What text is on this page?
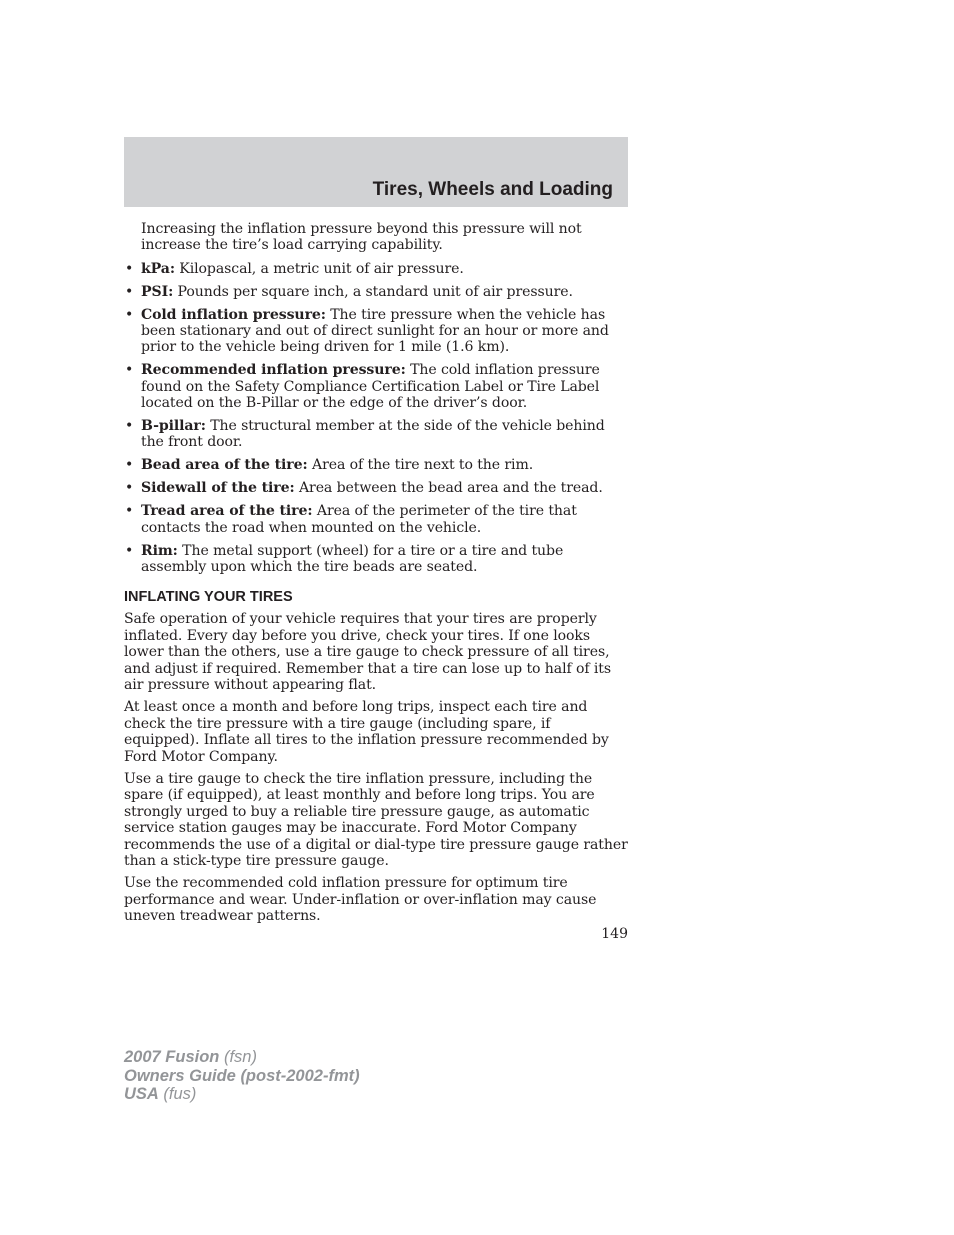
Tires, Wheels and Loading

Increasing the inflation pressure beyond this pressure will not increase the tire’s load carrying capability.

• kPa: Kilopascal, a metric unit of air pressure.
• PSI: Pounds per square inch, a standard unit of air pressure.
• Cold inflation pressure: The tire pressure when the vehicle has been stationary and out of direct sunlight for an hour or more and prior to the vehicle being driven for 1 mile (1.6 km).
• Recommended inflation pressure: The cold inflation pressure found on the Safety Compliance Certification Label or Tire Label located on the B-Pillar or the edge of the driver’s door.
• B-pillar: The structural member at the side of the vehicle behind the front door.
• Bead area of the tire: Area of the tire next to the rim.
• Sidewall of the tire: Area between the bead area and the tread.
• Tread area of the tire: Area of the perimeter of the tire that contacts the road when mounted on the vehicle.
• Rim: The metal support (wheel) for a tire or a tire and tube assembly upon which the tire beads are seated.
INFLATING YOUR TIRES

Safe operation of your vehicle requires that your tires are properly inflated. Every day before you drive, check your tires. If one looks lower than the others, use a tire gauge to check pressure of all tires, and adjust if required. Remember that a tire can lose up to half of its air pressure without appearing flat.

At least once a month and before long trips, inspect each tire and check the tire pressure with a tire gauge (including spare, if equipped). Inflate all tires to the inflation pressure recommended by Ford Motor Company.

Use a tire gauge to check the tire inflation pressure, including the spare (if equipped), at least monthly and before long trips. You are strongly urged to buy a reliable tire pressure gauge, as automatic service station gauges may be inaccurate. Ford Motor Company recommends the use of a digital or dial-type tire pressure gauge rather than a stick-type tire pressure gauge.

Use the recommended cold inflation pressure for optimum tire performance and wear. Under-inflation or over-inflation may cause uneven treadwear patterns.

149
2007 Fusion (fsn)
Owners Guide (post-2002-fmt)
USA (fus)
